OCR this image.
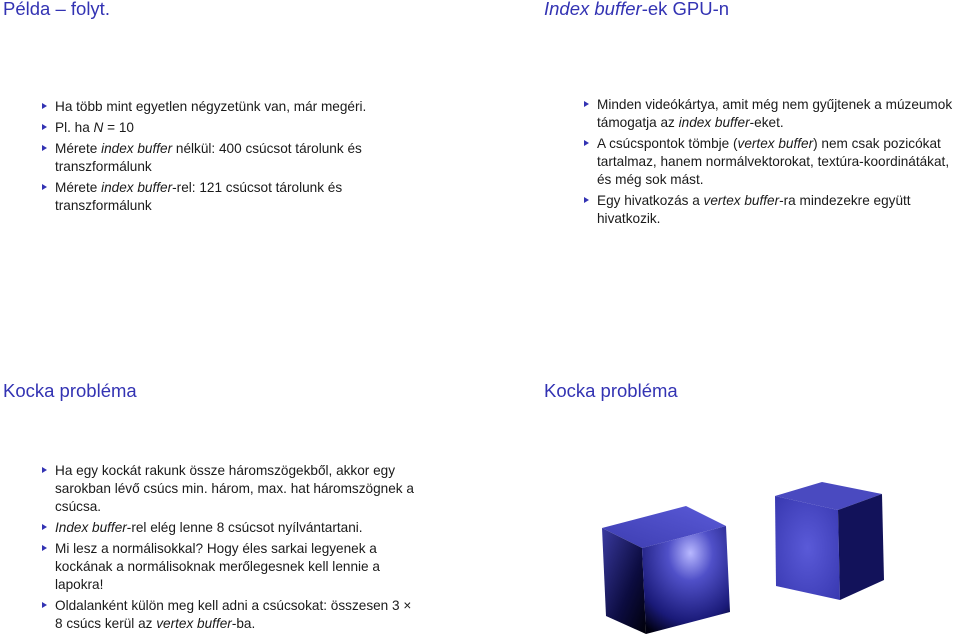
Példa – folyt.
Ha több mint egyetlen négyzetünk van, már megéri.
Pl. ha N = 10
Mérete index buffer nélkül: 400 csúcsot tárolunk és transzformálunk
Mérete index buffer-rel: 121 csúcsot tárolunk és transzformálunk
Index buffer-ek GPU-n
Minden videókártya, amit még nem gyűjtenek a múzeumok támogatja az index buffer-eket.
A csúcspontok tömbje (vertex buffer) nem csak pozicókat tartalmaz, hanem normálvektorokat, textúra-koordinátákat, és még sok mást.
Egy hivatkozás a vertex buffer-ra mindezekre együtt hivatkozik.
Kocka probléma
Ha egy kockát rakunk össze háromszögekből, akkor egy sarokban lévő csúcs min. három, max. hat háromszögnek a csúcsa.
Index buffer-rel elég lenne 8 csúcsot nyílvántartani.
Mi lesz a normálisokkal? Hogy éles sarkai legyenek a kockának a normálisoknak merőlegesnek kell lennie a lapokra!
Oldalanként külön meg kell adni a csúcsokat: összesen 3 × 8 csúcs kerül az vertex buffer-ba.
Kocka probléma
